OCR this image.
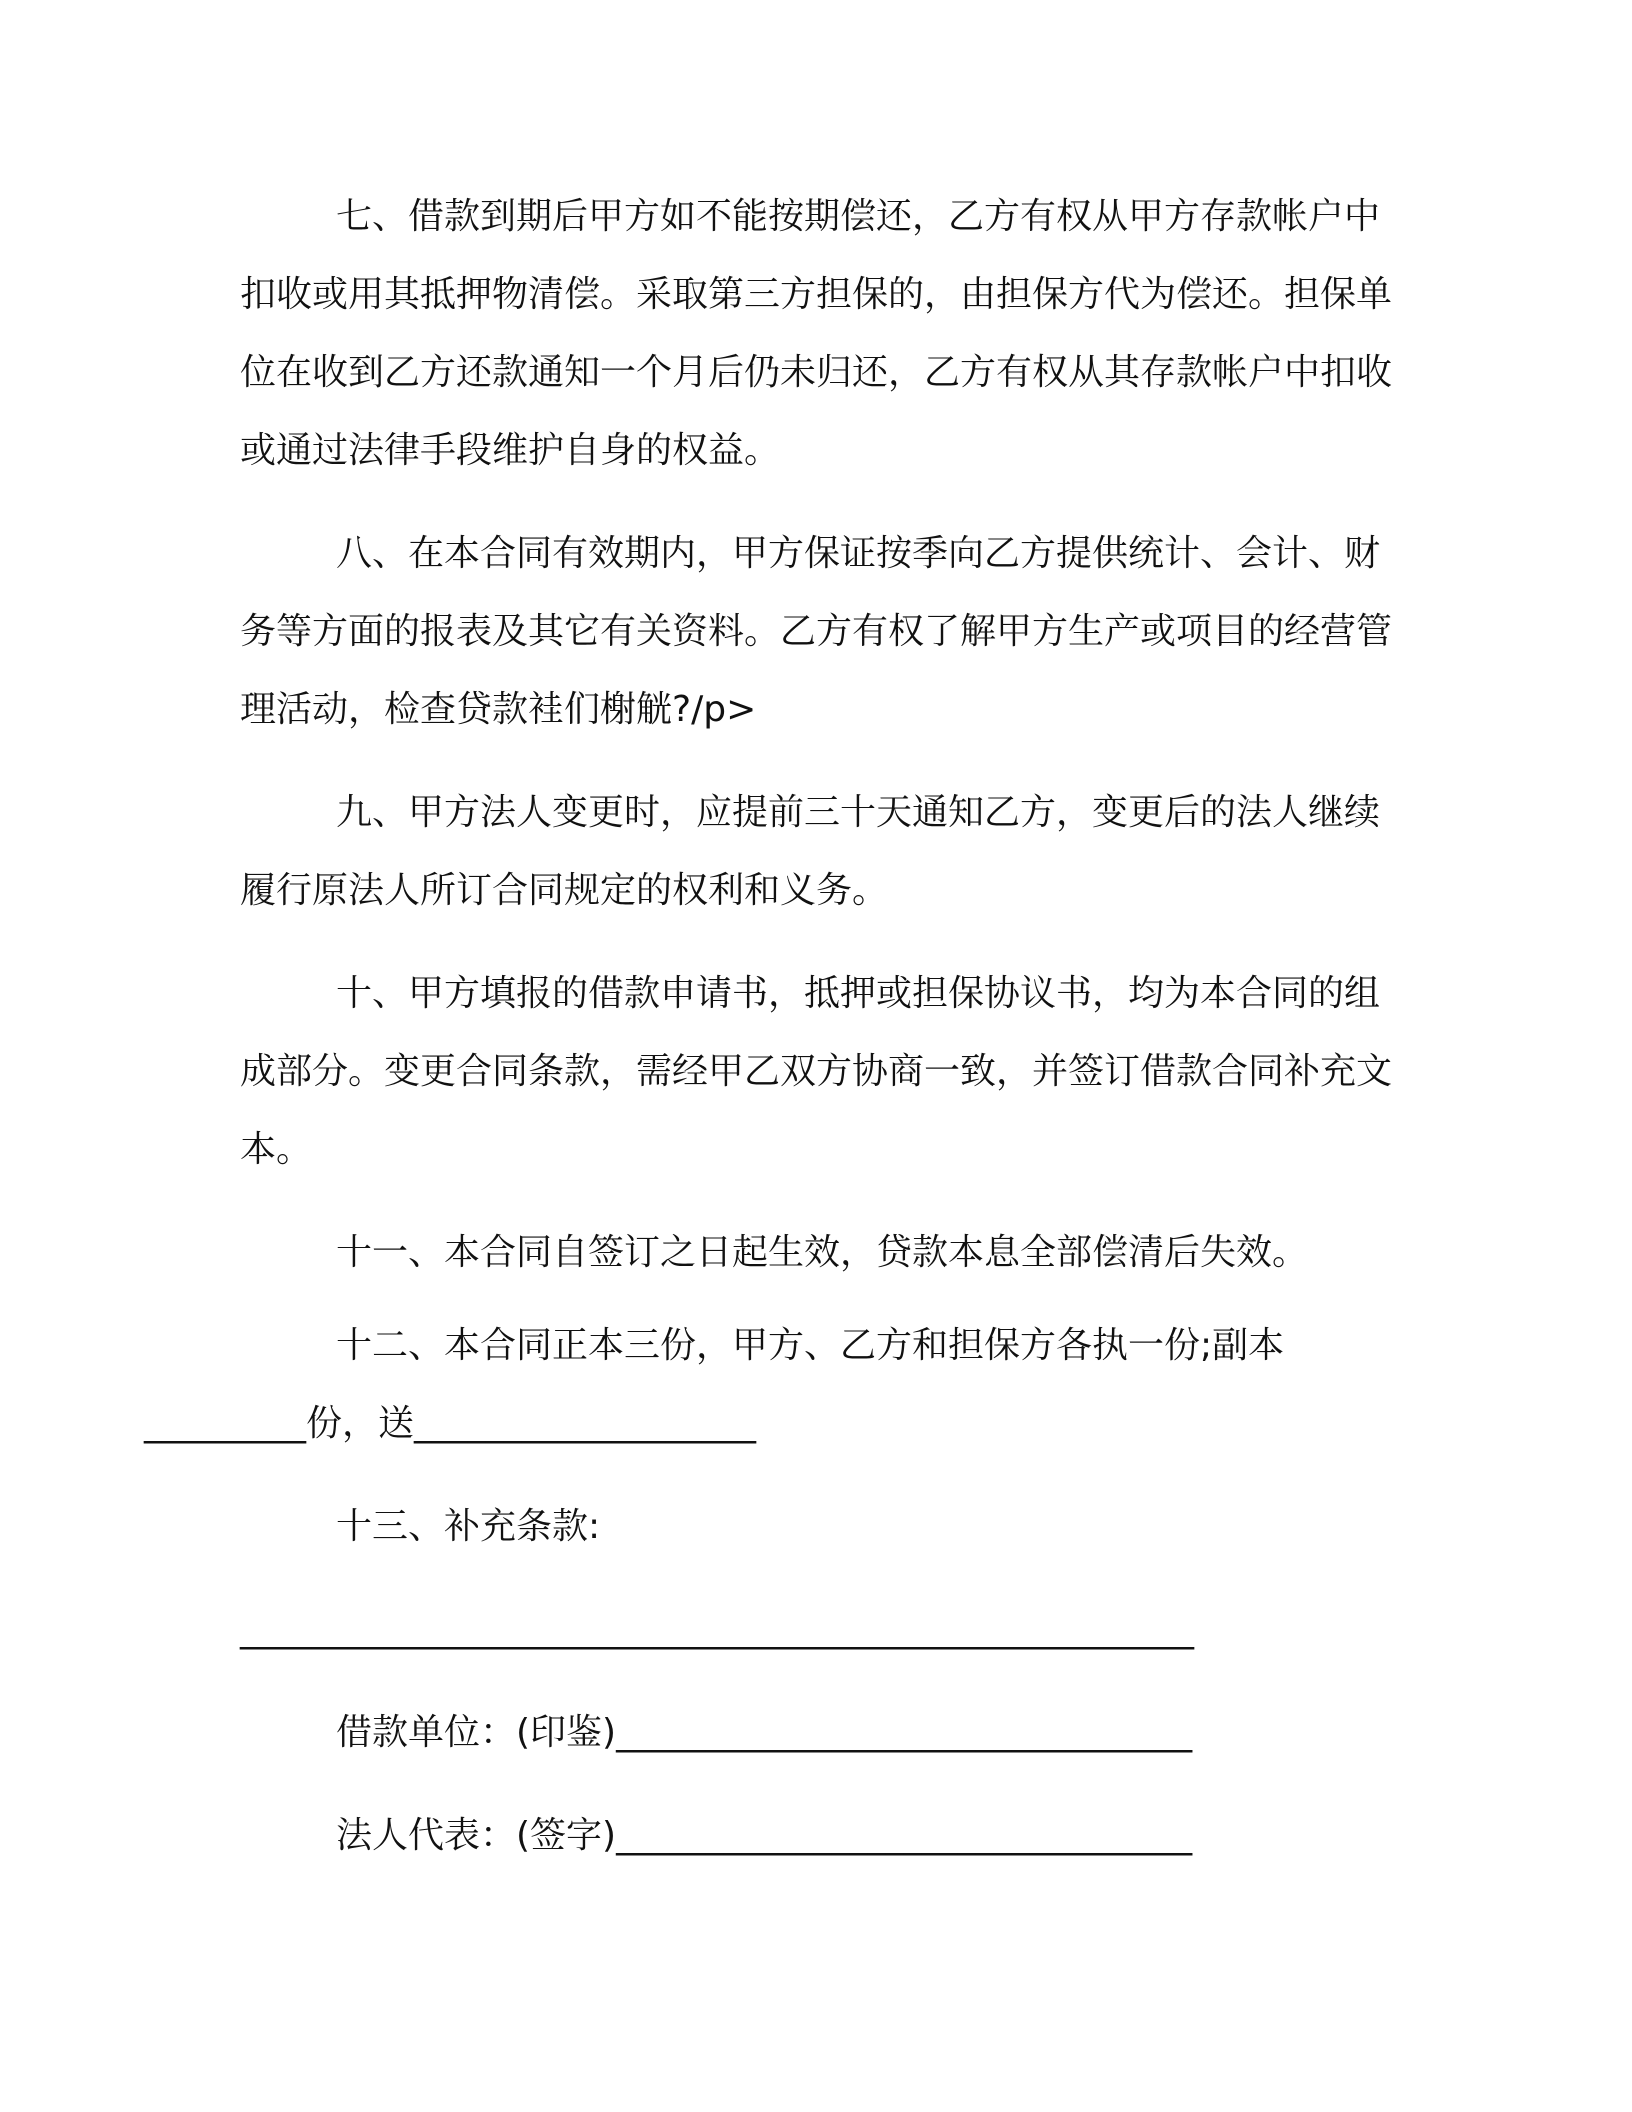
七、借款到期后甲方如不能按期偿还，乙方有权从甲方存款帐户中扣收或用其抵押物清偿。采取第三方担保的，由担保方代为偿还。担保单位在收到乙方还款通知一个月后仍未归还，乙方有权从其存款帐户中扣收或通过法律手段维护自身的权益。

八、在本合同有效期内，甲方保证按季向乙方提供统计、会计、财务等方面的报表及其它有关资料。乙方有权了解甲方生产或项目的经营管理活动，检查贷款袿们榭觥?/p>

九、甲方法人变更时，应提前三十天通知乙方，变更后的法人继续履行原法人所订合同规定的权利和义务。

十、甲方填报的借款申请书，抵押或担保协议书，均为本合同的组成部分。变更合同条款，需经甲乙双方协商一致，并签订借款合同补充文本。

十一、本合同自签订之日起生效，贷款本息全部偿清后失效。

十二、本合同正本三份，甲方、乙方和担保方各执一份;副本
_________份，送___________________

十三、补充条款:

_____________________________________________________

借款单位：(印鉴)________________________________

法人代表：(签字)________________________________
